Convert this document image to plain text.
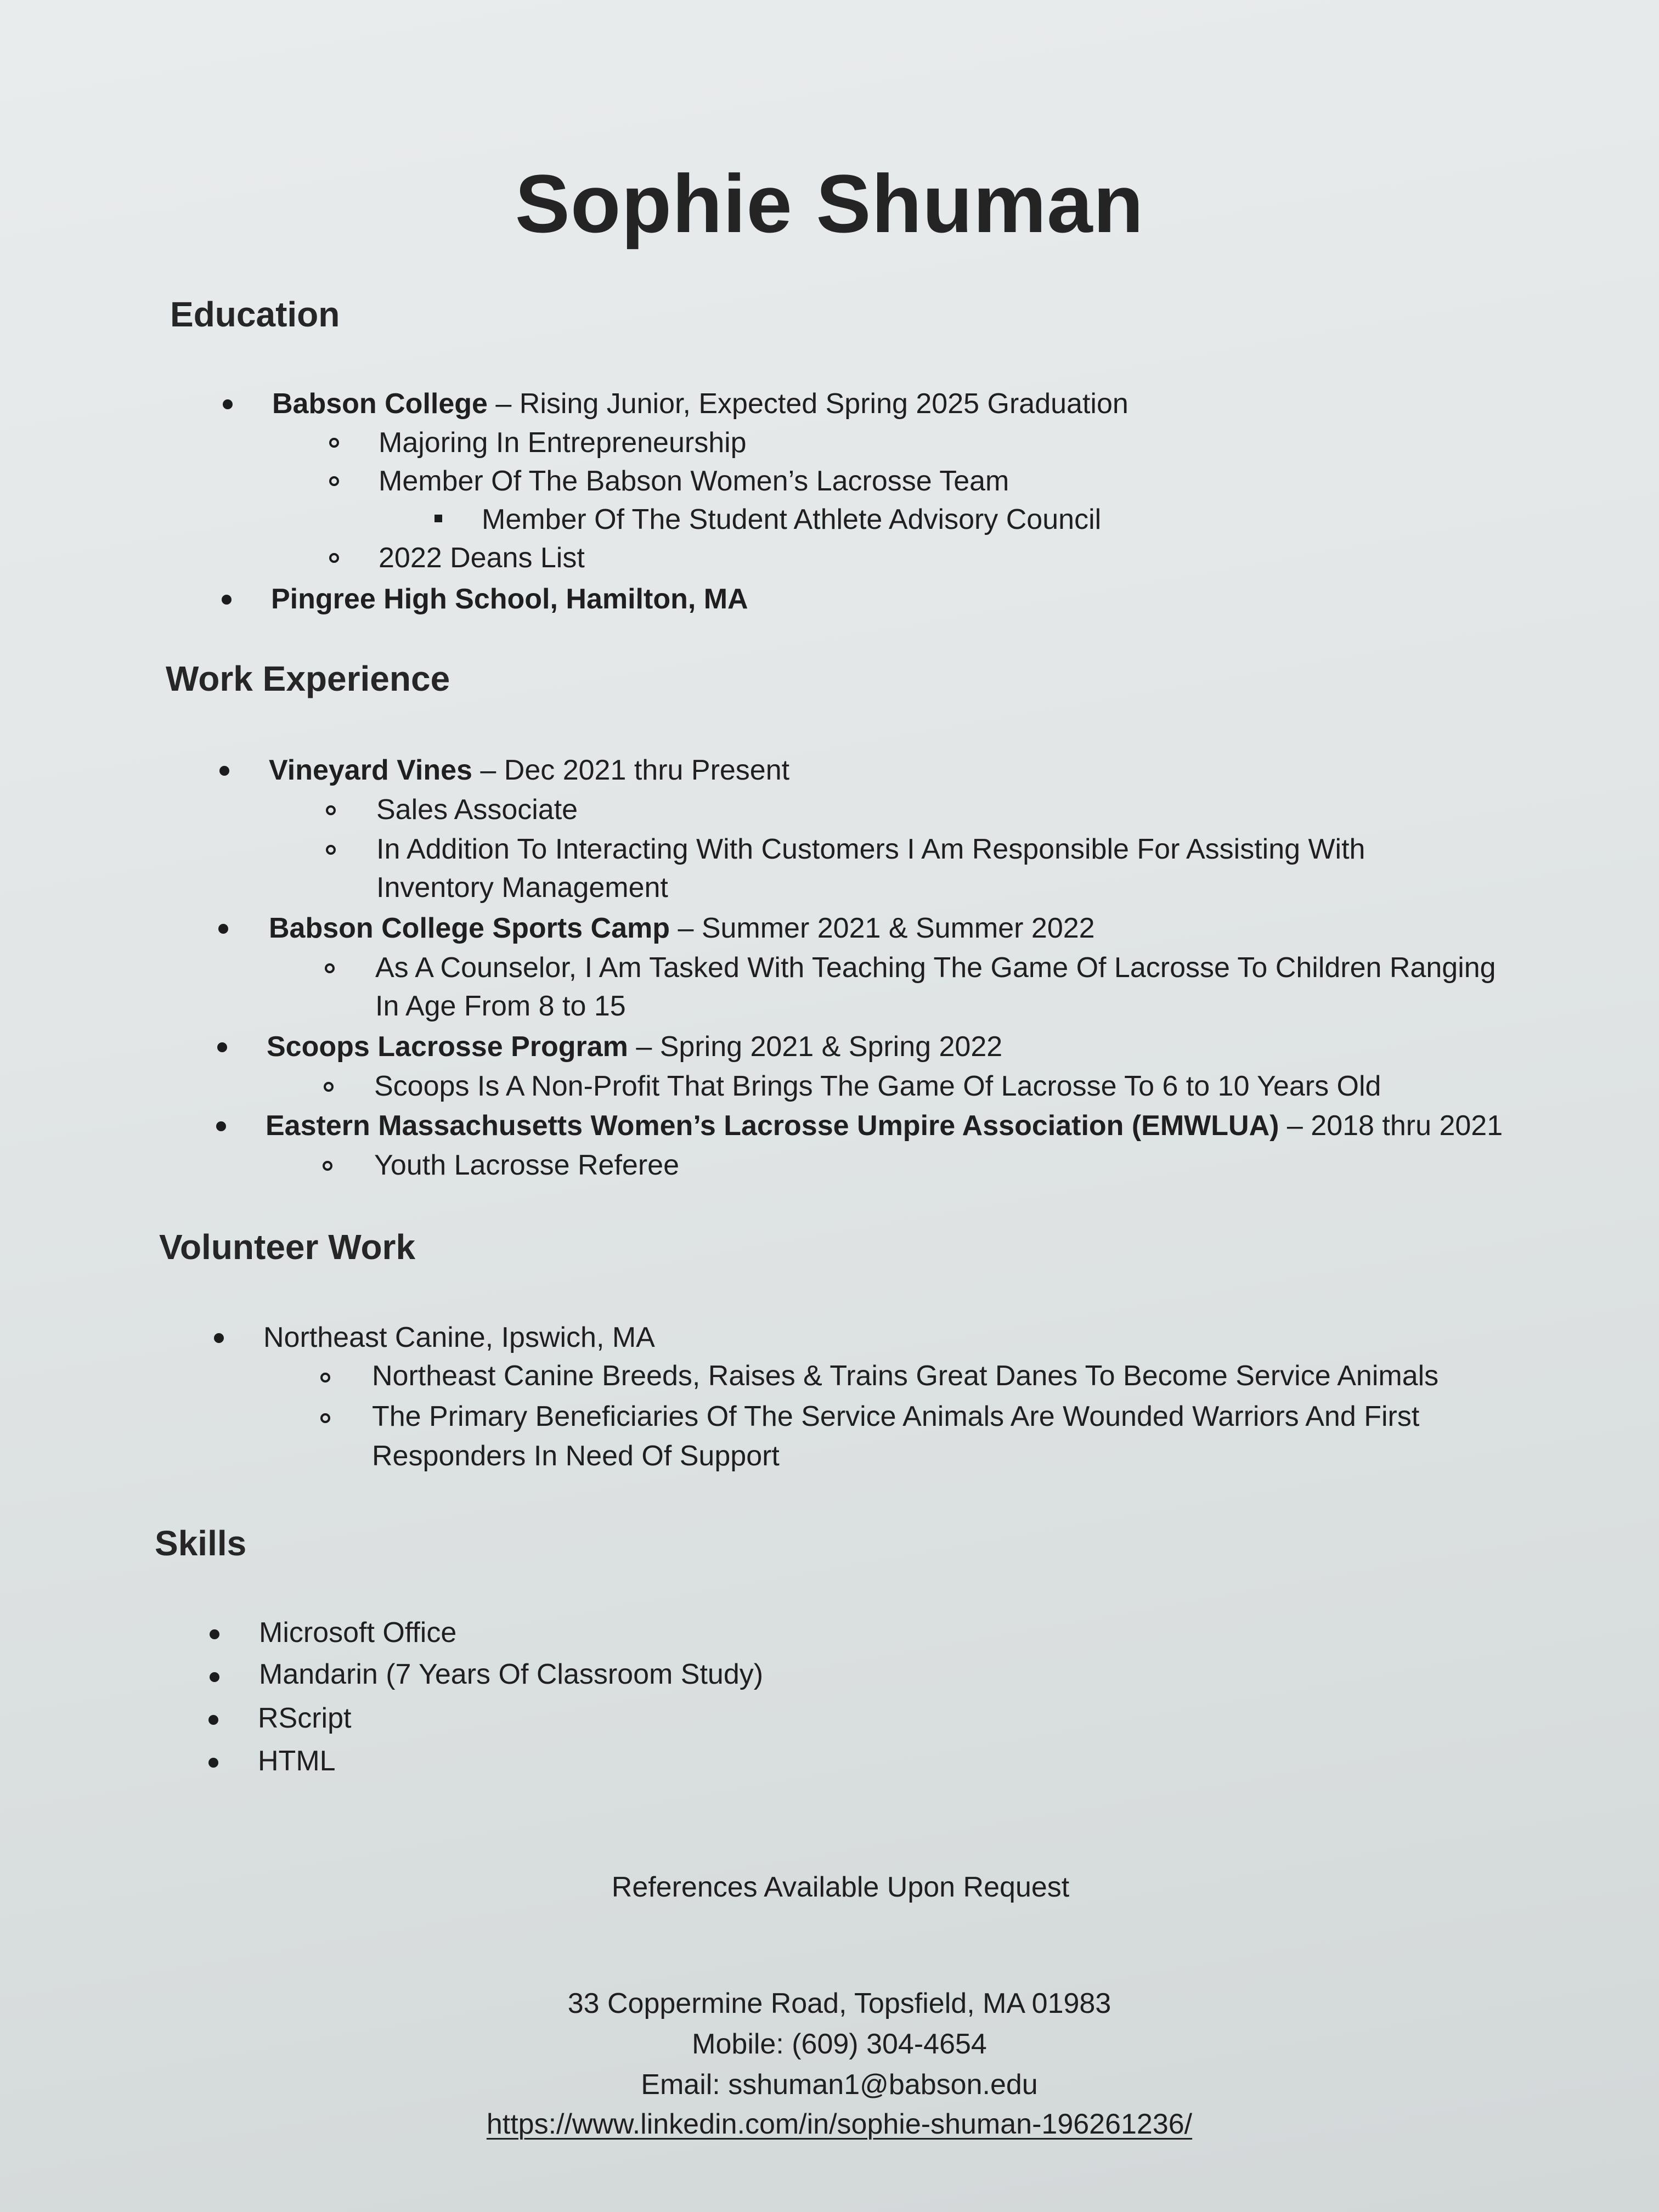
Sophie Shuman
Education
Babson College – Rising Junior, Expected Spring 2025 Graduation
Majoring In Entrepreneurship
Member Of The Babson Women’s Lacrosse Team
Member Of The Student Athlete Advisory Council
2022 Deans List
Pingree High School, Hamilton, MA
Work Experience
Vineyard Vines – Dec 2021 thru Present
Sales Associate
In Addition To Interacting With Customers I Am Responsible For Assisting With
Inventory Management
Babson College Sports Camp – Summer 2021 & Summer 2022
As A Counselor, I Am Tasked With Teaching The Game Of Lacrosse To Children Ranging
In Age From 8 to 15
Scoops Lacrosse Program – Spring 2021 & Spring 2022
Scoops Is A Non-Profit That Brings The Game Of Lacrosse To 6 to 10 Years Old
Eastern Massachusetts Women’s Lacrosse Umpire Association (EMWLUA) – 2018 thru 2021
Youth Lacrosse Referee
Volunteer Work
Northeast Canine, Ipswich, MA
Northeast Canine Breeds, Raises & Trains Great Danes To Become Service Animals
The Primary Beneficiaries Of The Service Animals Are Wounded Warriors And First
Responders In Need Of Support
Skills
Microsoft Office
Mandarin (7 Years Of Classroom Study)
RScript
HTML
References Available Upon Request
33 Coppermine Road, Topsfield, MA 01983
Mobile: (609) 304-4654
Email: sshuman1@babson.edu
https://www.linkedin.com/in/sophie-shuman-196261236/
